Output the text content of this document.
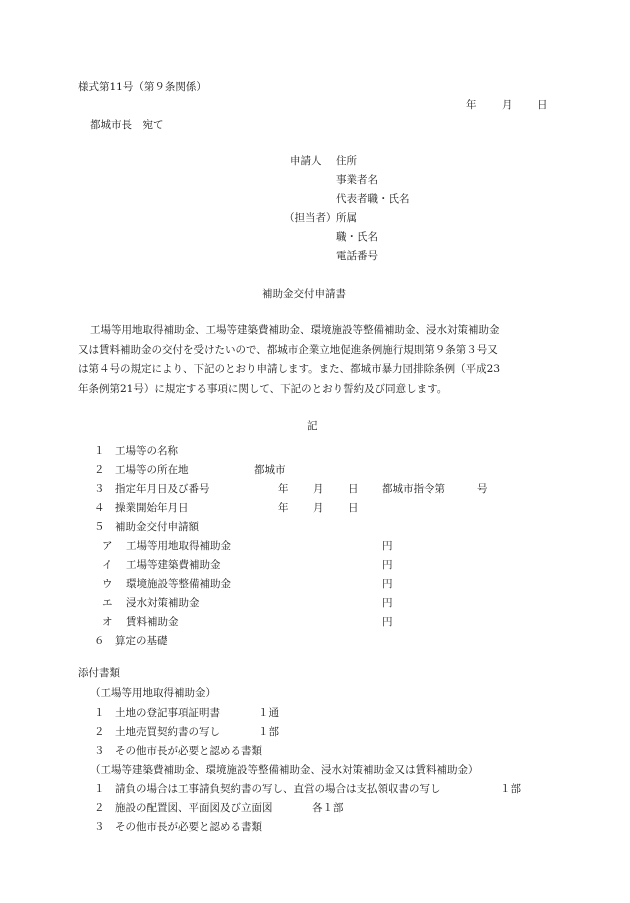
様式第11号（第９条関係）
年 月 日
都城市長　宛て
申請人 住所
事業者名
代表者職・氏名
（担当者） 所属
職・氏名
電話番号
補助金交付申請書
工場等用地取得補助金、工場等建築費補助金、環境施設等整備補助金、浸水対策補助金
又は賃料補助金の交付を受けたいので、都城市企業立地促進条例施行規則第９条第３号又
は第４号の規定により、下記のとおり申請します。また、都城市暴力団排除条例（平成23
年条例第21号）に規定する事項に関して、下記のとおり誓約及び同意します。
記
１ 工場等の名称
２ 工場等の所在地	都城市
３ 指定年月日及び番号	年 月 日 都城市指令第	号
４ 操業開始年月日	年 月 日
５ 補助金交付申請額
ア 工場等用地取得補助金	円
イ 工場等建築費補助金	円
ウ 環境施設等整備補助金	円
エ 浸水対策補助金	円
オ 賃料補助金	円
６ 算定の基礎
添付書類
（工場等用地取得補助金）
１ 土地の登記事項証明書	１通
２ 土地売買契約書の写し	１部
３ その他市長が必要と認める書類
（工場等建築費補助金、環境施設等整備補助金、浸水対策補助金又は賃料補助金）
１ 請負の場合は工事請負契約書の写し、直営の場合は支払領収書の写し	１部
２ 施設の配置図、平面図及び立面図	各１部
３ その他市長が必要と認める書類
